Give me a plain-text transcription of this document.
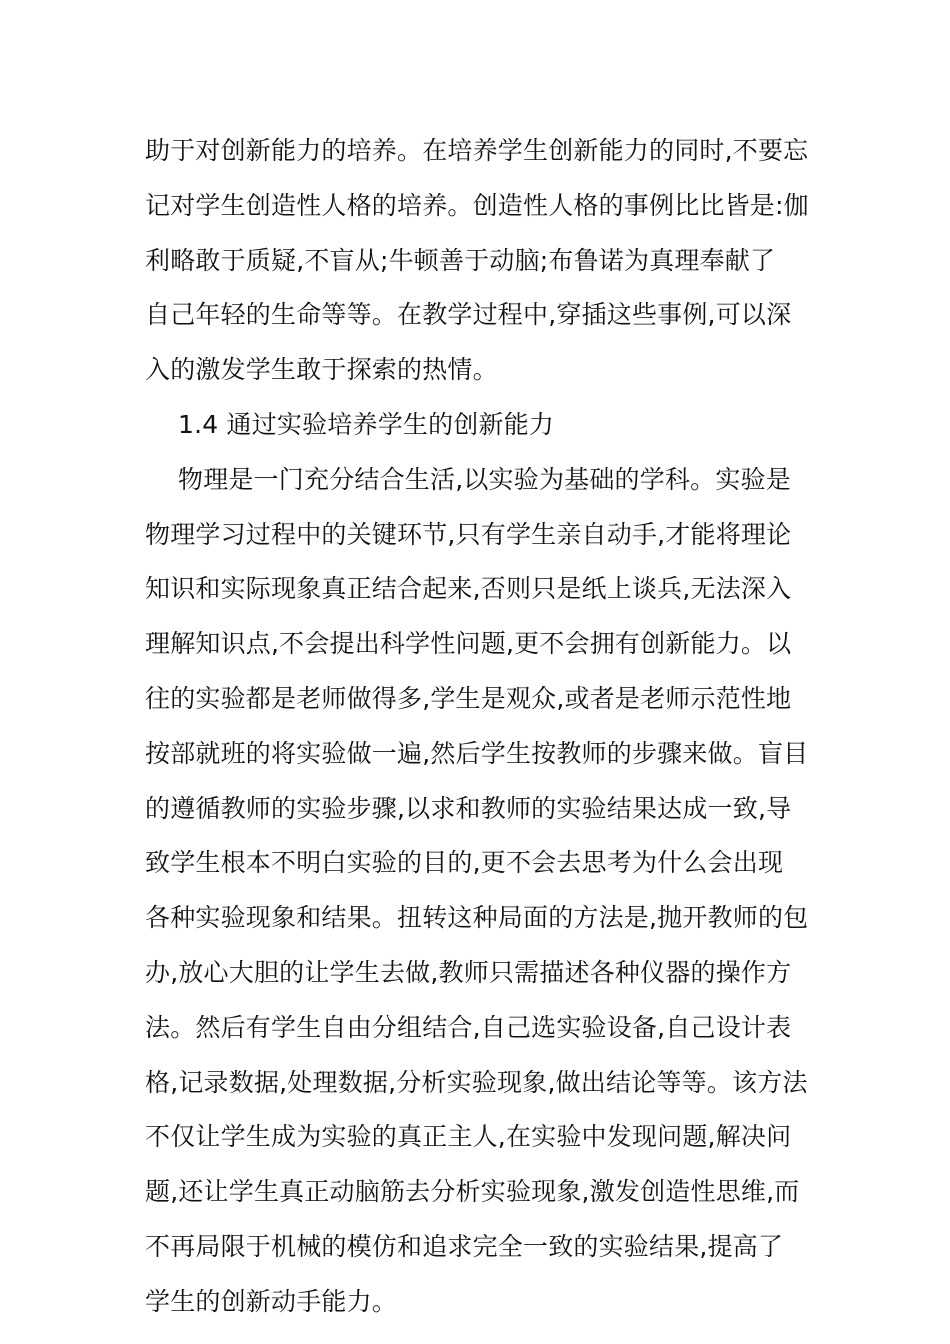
助于对创新能力的培养。在培养学生创新能力的同时,不要忘
记对学生创造性人格的培养。创造性人格的事例比比皆是:伽
利略敢于质疑,不盲从;牛顿善于动脑;布鲁诺为真理奉献了
自己年轻的生命等等。在教学过程中,穿插这些事例,可以深
入的激发学生敢于探索的热情。
1.4 通过实验培养学生的创新能力
物理是一门充分结合生活,以实验为基础的学科。实验是
物理学习过程中的关键环节,只有学生亲自动手,才能将理论
知识和实际现象真正结合起来,否则只是纸上谈兵,无法深入
理解知识点,不会提出科学性问题,更不会拥有创新能力。以
往的实验都是老师做得多,学生是观众,或者是老师示范性地
按部就班的将实验做一遍,然后学生按教师的步骤来做。盲目
的遵循教师的实验步骤,以求和教师的实验结果达成一致,导
致学生根本不明白实验的目的,更不会去思考为什么会出现
各种实验现象和结果。扭转这种局面的方法是,抛开教师的包
办,放心大胆的让学生去做,教师只需描述各种仪器的操作方
法。然后有学生自由分组结合,自己选实验设备,自己设计表
格,记录数据,处理数据,分析实验现象,做出结论等等。该方法
不仅让学生成为实验的真正主人,在实验中发现问题,解决问
题,还让学生真正动脑筋去分析实验现象,激发创造性思维,而
不再局限于机械的模仿和追求完全一致的实验结果,提高了
学生的创新动手能力。
